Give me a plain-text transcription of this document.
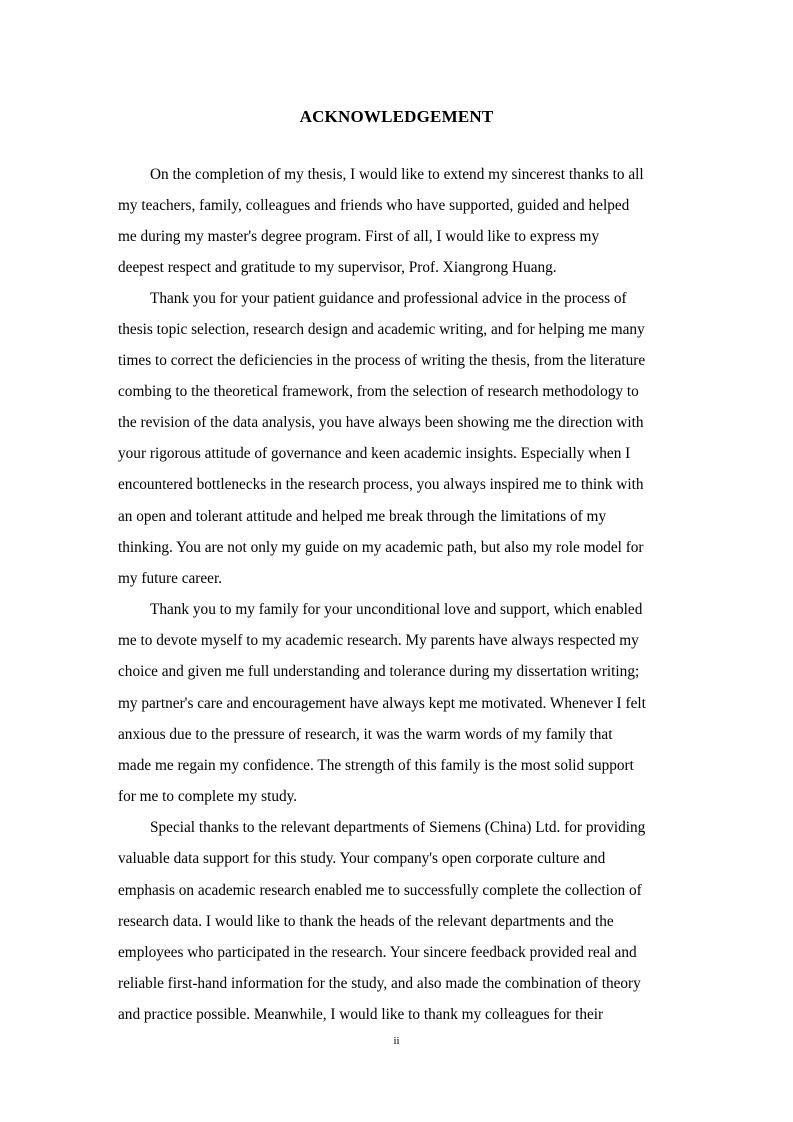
ACKNOWLEDGEMENT
On the completion of my thesis, I would like to extend my sincerest thanks to all
my teachers, family, colleagues and friends who have supported, guided and helped
me during my master's degree program. First of all, I would like to express my
deepest respect and gratitude to my supervisor, Prof. Xiangrong Huang.
Thank you for your patient guidance and professional advice in the process of
thesis topic selection, research design and academic writing, and for helping me many
times to correct the deficiencies in the process of writing the thesis, from the literature
combing to the theoretical framework, from the selection of research methodology to
the revision of the data analysis, you have always been showing me the direction with
your rigorous attitude of governance and keen academic insights. Especially when I
encountered bottlenecks in the research process, you always inspired me to think with
an open and tolerant attitude and helped me break through the limitations of my
thinking. You are not only my guide on my academic path, but also my role model for
my future career.
Thank you to my family for your unconditional love and support, which enabled
me to devote myself to my academic research. My parents have always respected my
choice and given me full understanding and tolerance during my dissertation writing;
my partner's care and encouragement have always kept me motivated. Whenever I felt
anxious due to the pressure of research, it was the warm words of my family that
made me regain my confidence. The strength of this family is the most solid support
for me to complete my study.
Special thanks to the relevant departments of Siemens (China) Ltd. for providing
valuable data support for this study. Your company's open corporate culture and
emphasis on academic research enabled me to successfully complete the collection of
research data. I would like to thank the heads of the relevant departments and the
employees who participated in the research. Your sincere feedback provided real and
reliable first-hand information for the study, and also made the combination of theory
and practice possible. Meanwhile, I would like to thank my colleagues for their
ii
